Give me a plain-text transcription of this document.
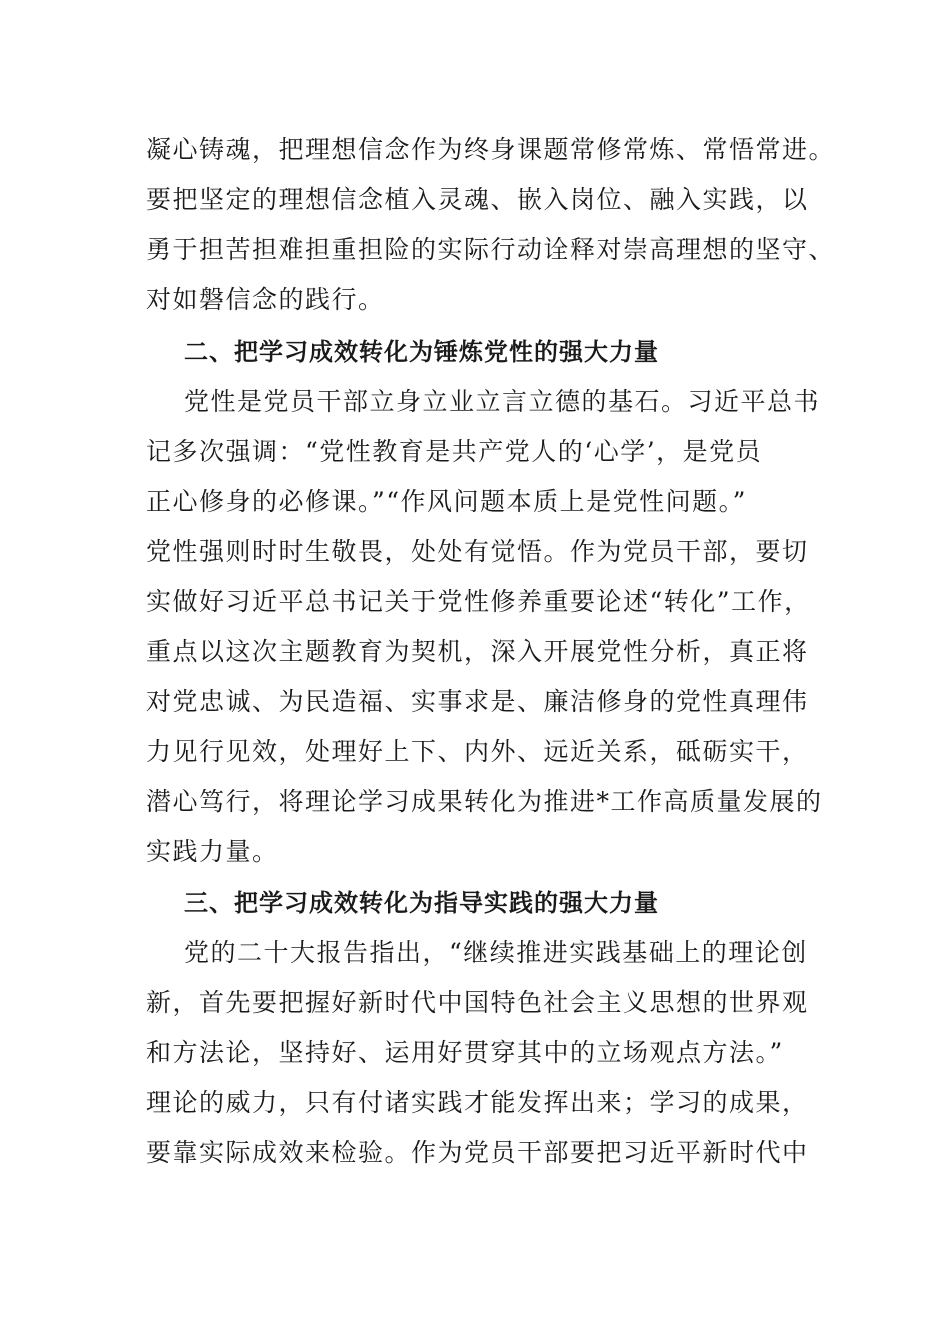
凝心铸魂，把理想信念作为终身课题常修常炼、常悟常进。
要把坚定的理想信念植入灵魂、嵌入岗位、融入实践，以
勇于担苦担难担重担险的实际行动诠释对崇高理想的坚守、
对如磐信念的践行。
二、把学习成效转化为锤炼党性的强大力量
党性是党员干部立身立业立言立德的基石。习近平总书
记多次强调：“党性教育是共产党人的‘心学’，是党员
正心修身的必修课。”“作风问题本质上是党性问题。”
党性强则时时生敬畏，处处有觉悟。作为党员干部，要切
实做好习近平总书记关于党性修养重要论述“转化”工作，
重点以这次主题教育为契机，深入开展党性分析，真正将
对党忠诚、为民造福、实事求是、廉洁修身的党性真理伟
力见行见效，处理好上下、内外、远近关系，砥砺实干，
潜心笃行，将理论学习成果转化为推进*工作高质量发展的
实践力量。
三、把学习成效转化为指导实践的强大力量
党的二十大报告指出，“继续推进实践基础上的理论创
新，首先要把握好新时代中国特色社会主义思想的世界观
和方法论，坚持好、运用好贯穿其中的立场观点方法。”
理论的威力，只有付诸实践才能发挥出来；学习的成果，
要靠实际成效来检验。作为党员干部要把习近平新时代中
